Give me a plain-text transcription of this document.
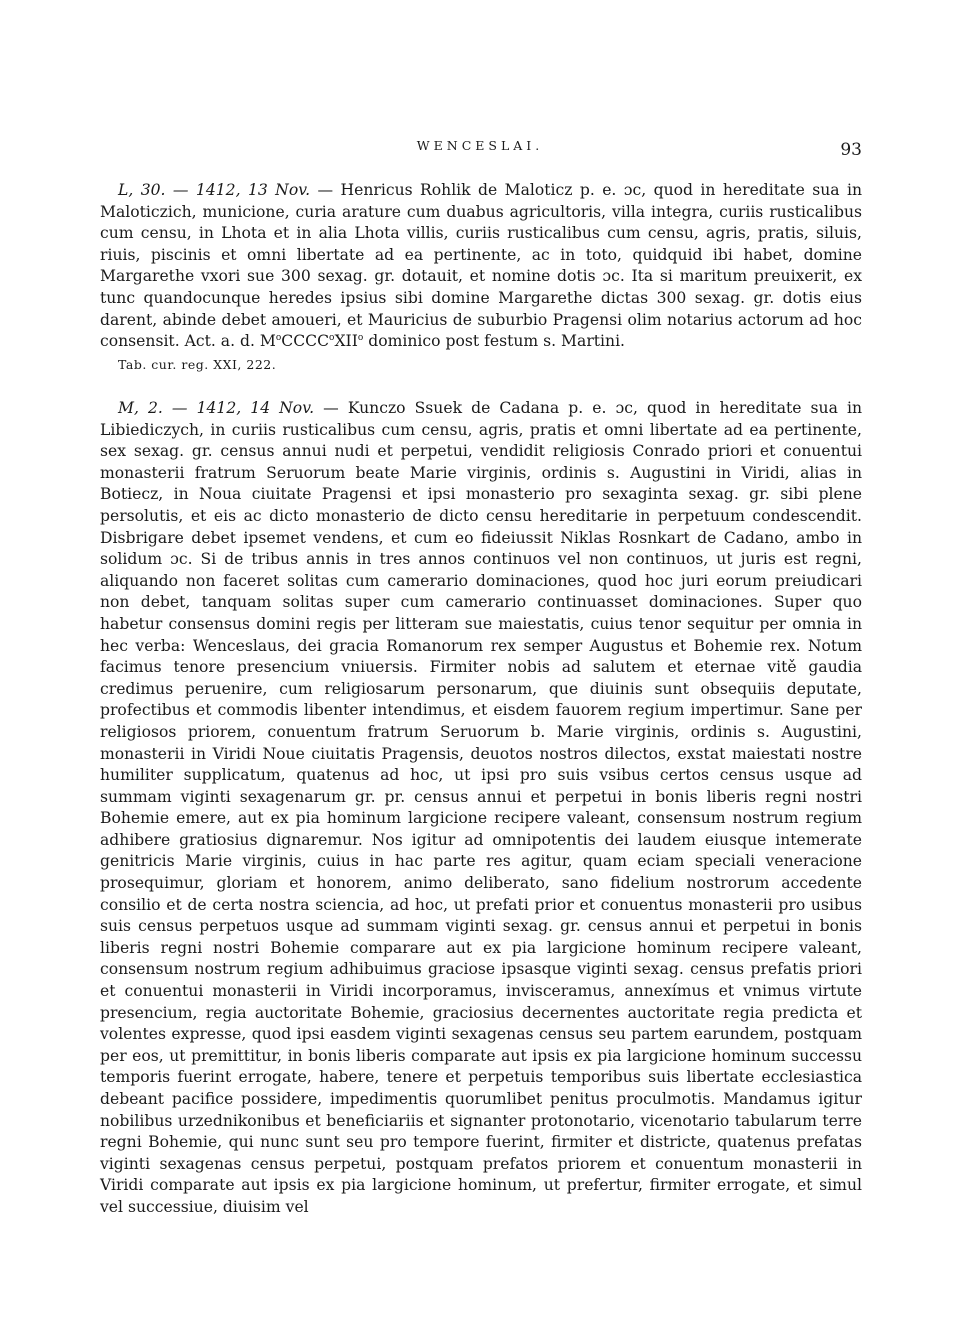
WENCESLAI.	93

L, 30. — 1412, 13 Nov. — Henricus Rohlik de Maloticz p. e. ɔc, quod in hereditate sua in Maloticzich, municione, curia arature cum duabus agricultoris, villa integra, curiis rusticalibus cum censu, in Lhota et in alia Lhota villis, curiis rusticalibus cum censu, agris, pratis, siluis, riuis, piscinis et omni libertate ad ea pertinente, ac in toto, quidquid ibi habet, domine Margarethe vxori sue 300 sexag. gr. dotauit, et nomine dotis ɔc. Ita si maritum preuixerit, ex tunc quandocunque heredes ipsius sibi domine Margarethe dictas 300 sexag. gr. dotis eius darent, abinde debet amoueri, et Mauricius de suburbio Pragensi olim notarius actorum ad hoc consensit. Act. a. d. $M^oCCCC^oXII^o$ dominico post festum s. Martini.

Tab. cur. reg. XXI, 222.

M, 2. — 1412, 14 Nov. — Kunczo Ssuek de Cadana p. e. ɔc, quod in hereditate sua in Libiediczych, in curiis rusticalibus cum censu, agris, pratis et omni libertate ad ea pertinente, sex sexag. gr. census annui nudi et perpetui, vendidit religiosis Conrado priori et conuentui monasterii fratrum Seruorum beate Marie virginis, ordinis s. Augustini in Viridi, alias in Botiecz, in Noua ciuitate Pragensi et ipsi monasterio pro sexaginta sexag. gr. sibi plene persolutis, et eis ac dicto monasterio de dicto censu hereditarie in perpetuum condescendit. Disbrigare debet ipsemet vendens, et cum eo fideiussit Niklas Rosnkart de Cadano, ambo in solidum ɔc. Si de tribus annis in tres annos continuos vel non continuos, ut juris est regni, aliquando non faceret solitas cum camerario dominaciones, quod hoc juri eorum preiudicari non debet, tanquam solitas super cum camerario continuasset dominaciones. Super quo habetur consensus domini regis per litteram sue maiestatis, cuius tenor sequitur per omnia in hec verba: Wenceslaus, dei gracia Romanorum rex semper Augustus et Bohemie rex. Notum facimus tenore presencium vniuersis. Firmiter nobis ad salutem et eternae vitě gaudia credimus peruenire, cum religiosarum personarum, que diuinis sunt obsequiis deputate, profectibus et commodis libenter intendimus, et eisdem fauorem regium impertimur. Sane per religiosos priorem, conuentum fratrum Seruorum b. Marie virginis, ordinis s. Augustini, monasterii in Viridi Noue ciuitatis Pragensis, deuotos nostros dilectos, exstat maiestati nostre humiliter supplicatum, quatenus ad hoc, ut ipsi pro suis vsibus certos census usque ad summam viginti sexagenarum gr. pr. census annui et perpetui in bonis liberis regni nostri Bohemie emere, aut ex pia hominum largicione recipere valeant, consensum nostrum regium adhibere gratiosius dignaremur. Nos igitur ad omnipotentis dei laudem eiusque intemerate genitricis Marie virginis, cuius in hac parte res agitur, quam eciam speciali veneracione prosequimur, gloriam et honorem, animo deliberato, sano fidelium nostrorum accedente consilio et de certa nostra sciencia, ad hoc, ut prefati prior et conuentus monasterii pro usibus suis census perpetuos usque ad summam viginti sexag. gr. census annui et perpetui in bonis liberis regni nostri Bohemie comparare aut ex pia largicione hominum recipere valeant, consensum nostrum regium adhibuimus graciose ipsasque viginti sexag. census prefatis priori et conuentui monasterii in Viridi incorporamus, invisceramus, annexímus et vnimus virtute presencium, regia auctoritate Bohemie, graciosius decernentes auctoritate regia predicta et volentes expresse, quod ipsi easdem viginti sexagenas census seu partem earundem, postquam per eos, ut premittitur, in bonis liberis comparate aut ipsis ex pia largicione hominum successu temporis fuerint errogate, habere, tenere et perpetuis temporibus suis libertate ecclesiastica debeant pacifice possidere, impedimentis quorumlibet penitus proculmotis. Mandamus igitur nobilibus urzednikonibus et beneficiariis et signanter protonotario, vicenotario tabularum terre regni Bohemie, qui nunc sunt seu pro tempore fuerint, firmiter et districte, quatenus prefatas viginti sexagenas census perpetui, postquam prefatos priorem et conuentum monasterii in Viridi comparate aut ipsis ex pia largicione hominum, ut prefertur, firmiter errogate, et simul vel successiue, diuisim vel
